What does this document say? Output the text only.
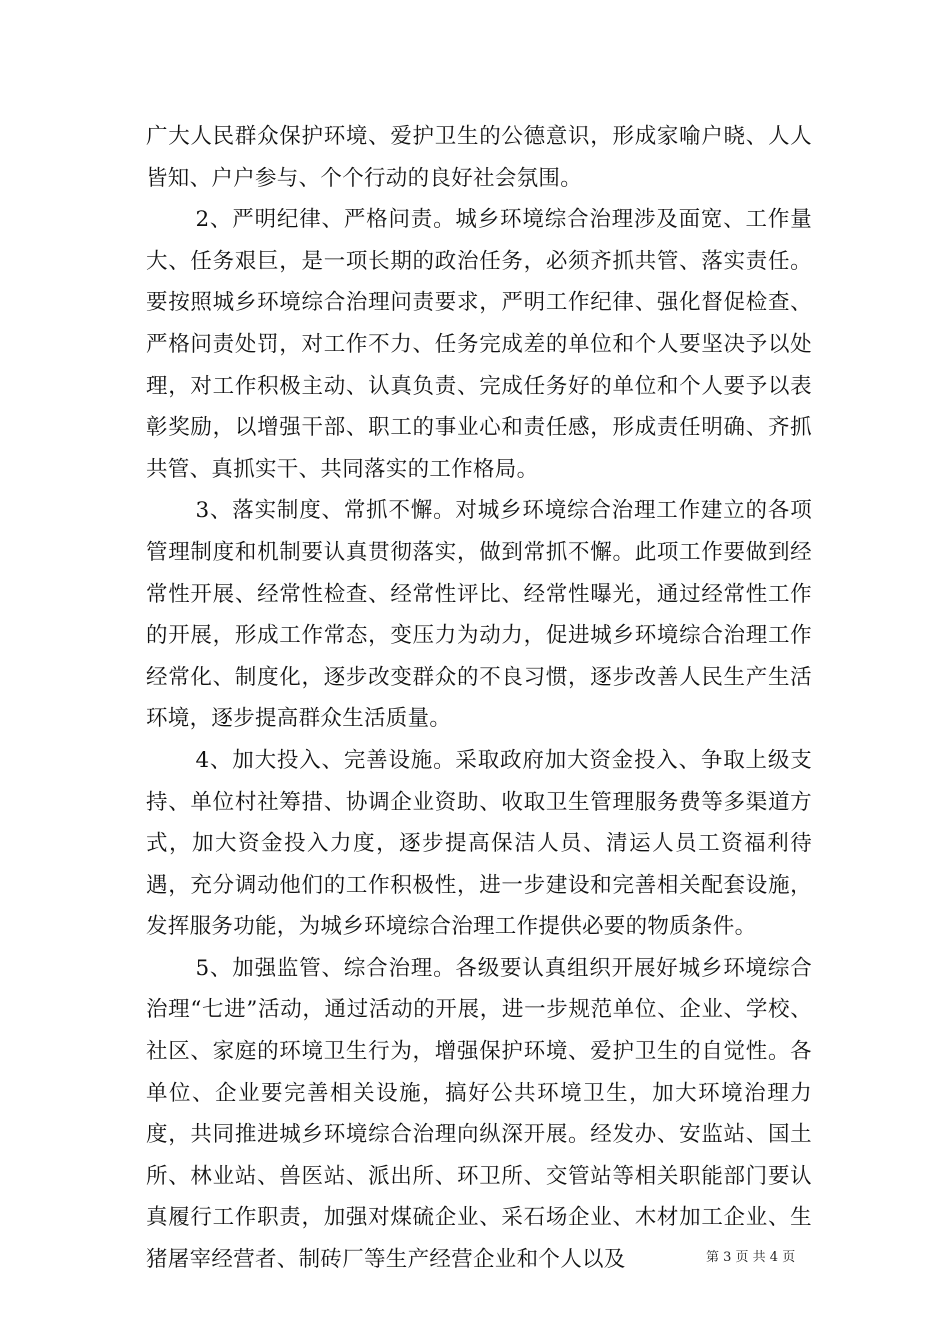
广大人民群众保护环境、爱护卫生的公德意识，形成家喻户晓、人人皆知、户户参与、个个行动的良好社会氛围。

2、严明纪律、严格问责。城乡环境综合治理涉及面宽、工作量大、任务艰巨，是一项长期的政治任务，必须齐抓共管、落实责任。要按照城乡环境综合治理问责要求，严明工作纪律、强化督促检查、严格问责处罚，对工作不力、任务完成差的单位和个人要坚决予以处理，对工作积极主动、认真负责、完成任务好的单位和个人要予以表彰奖励，以增强干部、职工的事业心和责任感，形成责任明确、齐抓共管、真抓实干、共同落实的工作格局。

3、落实制度、常抓不懈。对城乡环境综合治理工作建立的各项管理制度和机制要认真贯彻落实，做到常抓不懈。此项工作要做到经常性开展、经常性检查、经常性评比、经常性曝光，通过经常性工作的开展，形成工作常态，变压力为动力，促进城乡环境综合治理工作经常化、制度化，逐步改变群众的不良习惯，逐步改善人民生产生活环境，逐步提高群众生活质量。

4、加大投入、完善设施。采取政府加大资金投入、争取上级支持、单位村社筹措、协调企业资助、收取卫生管理服务费等多渠道方式，加大资金投入力度，逐步提高保洁人员、清运人员工资福利待遇，充分调动他们的工作积极性，进一步建设和完善相关配套设施，发挥服务功能，为城乡环境综合治理工作提供必要的物质条件。

5、加强监管、综合治理。各级要认真组织开展好城乡环境综合治理“七进”活动，通过活动的开展，进一步规范单位、企业、学校、社区、家庭的环境卫生行为，增强保护环境、爱护卫生的自觉性。各单位、企业要完善相关设施，搞好公共环境卫生，加大环境治理力度，共同推进城乡环境综合治理向纵深开展。经发办、安监站、国土所、林业站、兽医站、派出所、环卫所、交管站等相关职能部门要认真履行工作职责，加强对煤硫企业、采石场企业、木材加工企业、生猪屠宰经营者、制砖厂等生产经营企业和个人以及	第 3 页 共 4 页
